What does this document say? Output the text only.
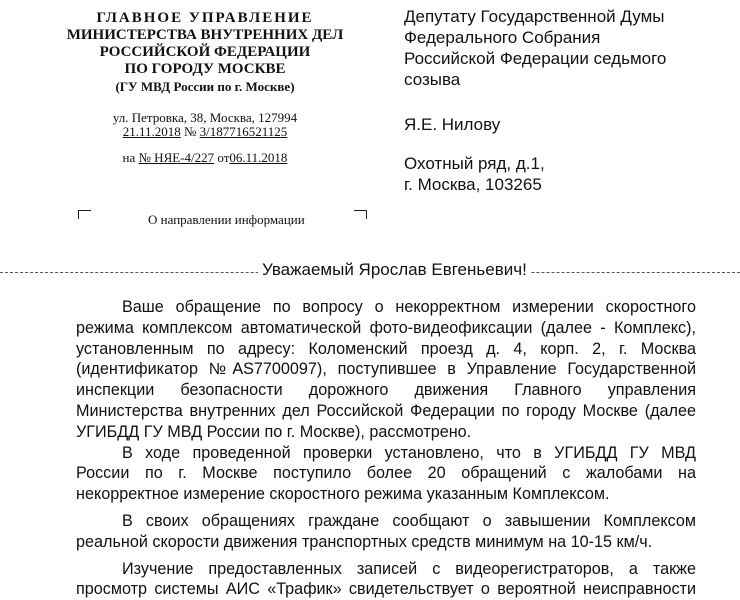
ГЛАВНОЕ УПРАВЛЕНИЕ
МИНИСТЕРСТВА ВНУТРЕННИХ ДЕЛ
РОССИЙСКОЙ ФЕДЕРАЦИИ
ПО ГОРОДУ МОСКВЕ
(ГУ МВД России по г. Москве)
ул. Петровка, 38, Москва, 127994
21.11.2018 № 3/187716521125
на № НЯЕ-4/227 от06.11.2018
О направлении информации
Депутату Государственной Думы
Федерального Собрания
Российской Федерации седьмого
созыва
Я.Е. Нилову
Охотный ряд, д.1,
г. Москва, 103265
Уважаемый Ярослав Евгеньевич!
Ваше обращение по вопросу о некорректном измерении скоростного
режима комплексом автоматической фото-видеофиксации (далее - Комплекс),
установленным по адресу: Коломенский проезд д. 4, корп. 2, г. Москва
(идентификатор №AS7700097), поступившее в Управление Государственной
инспекции безопасности дорожного движения Главного управления
Министерства внутренних дел Российской Федерации по городу Москве (далее
УГИБДД ГУ МВД России по г. Москве), рассмотрено.
В ходе проведенной проверки установлено, что в УГИБДД ГУ МВД
России по г. Москве поступило более 20 обращений с жалобами на
некорректное измерение скоростного режима указанным Комплексом.
В своих обращениях граждане сообщают о завышении Комплексом
реальной скорости движения транспортных средств минимум на 10-15 км/ч.
Изучение предоставленных записей с видеорегистраторов, а также
просмотр системы АИС «Трафик» свидетельствует о вероятной неисправности
